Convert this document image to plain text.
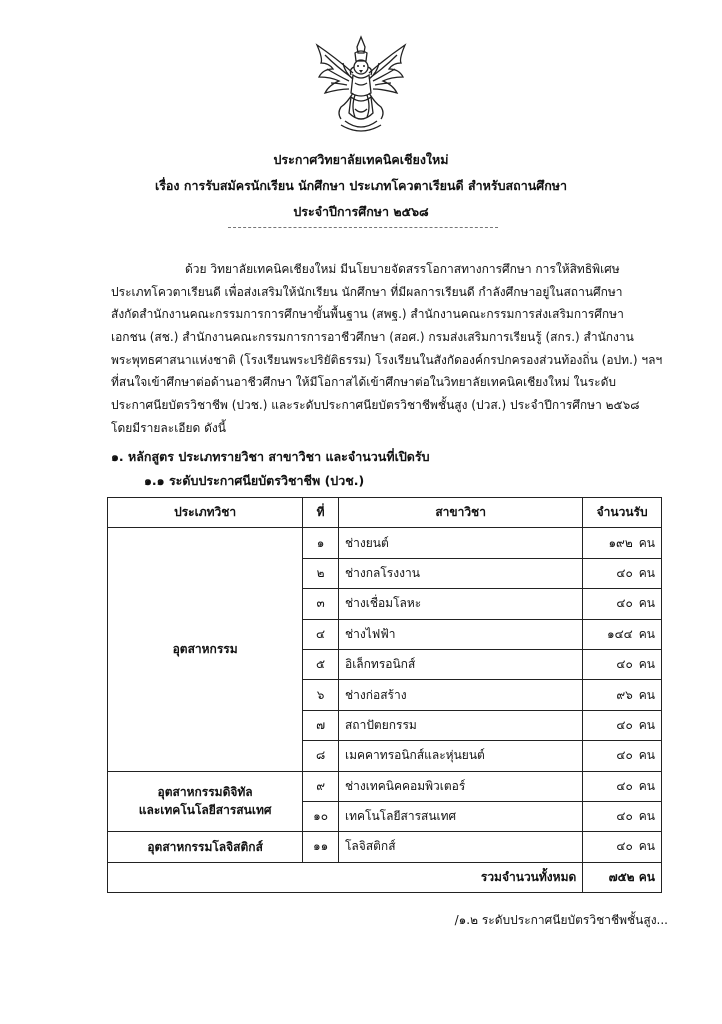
ประกาศวิทยาลัยเทคนิคเชียงใหม่
เรื่อง การรับสมัครนักเรียน นักศึกษา ประเภทโควตาเรียนดี สำหรับสถานศึกษา
ประจำปีการศึกษา ๒๕๖๘
ด้วย วิทยาลัยเทคนิคเชียงใหม่ มีนโยบายจัดสรรโอกาสทางการศึกษา การให้สิทธิพิเศษ
ประเภทโควตาเรียนดี เพื่อส่งเสริมให้นักเรียน นักศึกษา ที่มีผลการเรียนดี กำลังศึกษาอยู่ในสถานศึกษา
สังกัดสำนักงานคณะกรรมการการศึกษาขั้นพื้นฐาน (สพฐ.) สำนักงานคณะกรรมการส่งเสริมการศึกษา
เอกชน (สช.) สำนักงานคณะกรรมการการอาชีวศึกษา (สอศ.) กรมส่งเสริมการเรียนรู้ (สกร.) สำนักงาน
พระพุทธศาสนาแห่งชาติ (โรงเรียนพระปริยัติธรรม) โรงเรียนในสังกัดองค์กรปกครองส่วนท้องถิ่น (อปท.) ฯลฯ
ที่สนใจเข้าศึกษาต่อด้านอาชีวศึกษา ให้มีโอกาสได้เข้าศึกษาต่อในวิทยาลัยเทคนิคเชียงใหม่ ในระดับ
ประกาศนียบัตรวิชาชีพ (ปวช.) และระดับประกาศนียบัตรวิชาชีพชั้นสูง (ปวส.) ประจำปีการศึกษา ๒๕๖๘
โดยมีรายละเอียด ดังนี้
๑. หลักสูตร ประเภทรายวิชา สาขาวิชา และจำนวนที่เปิดรับ
๑.๑ ระดับประกาศนียบัตรวิชาชีพ (ปวช.)
ประเภทวิชา	ที่	สาขาวิชา	จำนวนรับ
อุตสาหกรรม	๑	ช่างยนต์	๑๙๒ คน
	๒	ช่างกลโรงงาน	๔๐ คน
	๓	ช่างเชื่อมโลหะ	๔๐ คน
	๔	ช่างไฟฟ้า	๑๔๔ คน
	๕	อิเล็กทรอนิกส์	๔๐ คน
	๖	ช่างก่อสร้าง	๙๖ คน
	๗	สถาปัตยกรรม	๔๐ คน
	๘	เมคคาทรอนิกส์และหุ่นยนต์	๔๐ คน
อุตสาหกรรมดิจิทัล
และเทคโนโลยีสารสนเทศ	๙	ช่างเทคนิคคอมพิวเตอร์	๔๐ คน
	๑๐	เทคโนโลยีสารสนเทศ	๔๐ คน
อุตสาหกรรมโลจิสติกส์	๑๑	โลจิสติกส์	๔๐ คน
		รวมจำนวนทั้งหมด	๗๕๒ คน
/๑.๒ ระดับประกาศนียบัตรวิชาชีพชั้นสูง...
